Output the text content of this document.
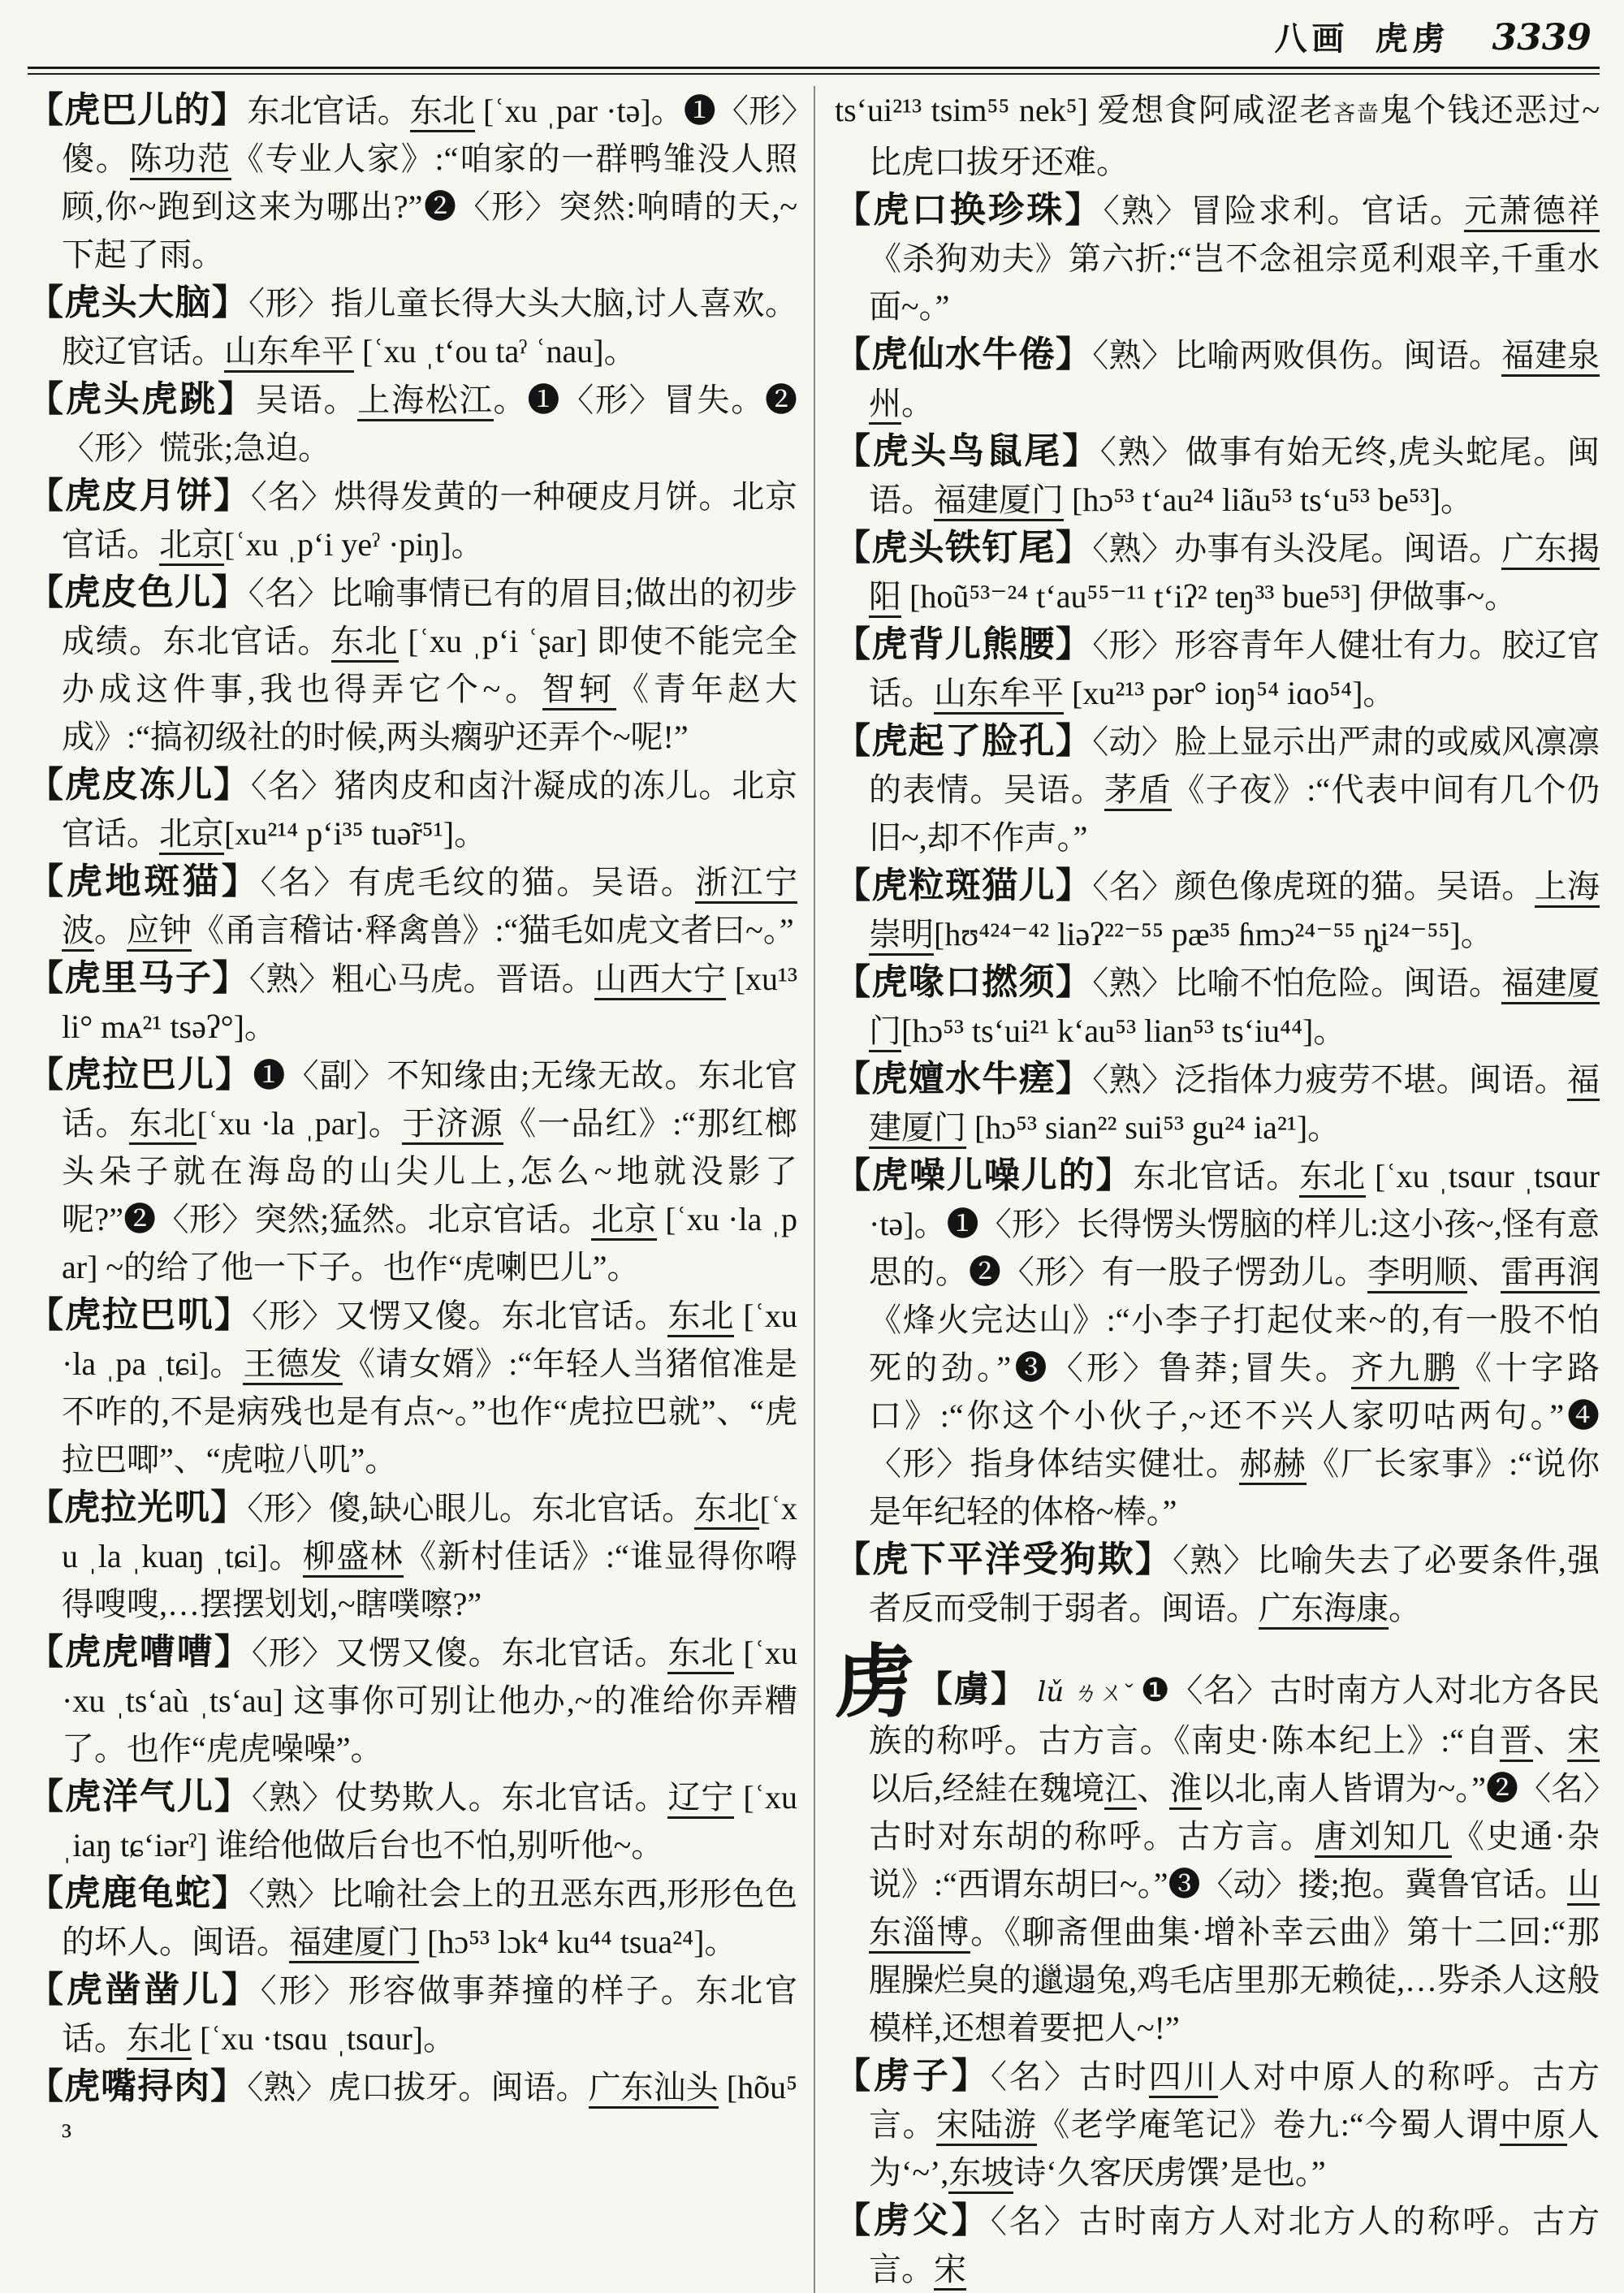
八画 虎虏 3339

【虎巴儿的】东北官话。东北 [ʿxu ˌpar ·tə]。❶〈形〉傻。陈功范《专业人家》:“咱家的一群鸭雏没人照顾,你~跑到这来为哪出?”❷〈形〉突然:响晴的天,~下起了雨。

【虎头大脑】〈形〉指儿童长得大头大脑,讨人喜欢。胶辽官话。山东牟平 [ʿxu ˌtʻou taˀ ʿnau]。

【虎头虎跳】吴语。上海松江。❶〈形〉冒失。❷〈形〉慌张;急迫。

【虎皮月饼】〈名〉烘得发黄的一种硬皮月饼。北京官话。北京[ʿxu ˌpʻi yeˀ ·piŋ]。

【虎皮色儿】〈名〉比喻事情已有的眉目;做出的初步成绩。东北官话。东北 [ʿxu ˌpʻi ʿʂar] 即使不能完全办成这件事,我也得弄它个~。智轲《青年赵大成》:“搞初级社的时候,两头瘸驴还弄个~呢!”

【虎皮冻儿】〈名〉猪肉皮和卤汁凝成的冻儿。北京官话。北京[xu²¹⁴ pʻi³⁵ tuə̃r⁵¹]。

【虎地斑猫】〈名〉有虎毛纹的猫。吴语。浙江宁波。应钟《甬言稽诂·释禽兽》:“猫毛如虎文者曰~。”

【虎里马子】〈熟〉粗心马虎。晋语。山西大宁 [xu¹³ li° mᴀ²¹ tsəʔ°]。

【虎拉巴儿】❶〈副〉不知缘由;无缘无故。东北官话。东北[ʿxu ·la ˌpar]。于济源《一品红》:“那红榔头朵子就在海岛的山尖儿上,怎么~地就没影了呢?”❷〈形〉突然;猛然。北京官话。北京 [ʿxu ·la ˌpar] ~的给了他一下子。也作“虎喇巴儿”。

【虎拉巴叽】〈形〉又愣又傻。东北官话。东北 [ʿxu ·la ˌpa ˌtɕi]。王德发《请女婿》:“年轻人当猪倌准是不咋的,不是病残也是有点~。”也作“虎拉巴就”、“虎拉巴唧”、“虎啦八叽”。

【虎拉光叽】〈形〉傻,缺心眼儿。东北官话。东北[ʿxu ˌla ˌkuaŋ ˌtɕi]。柳盛林《新村佳话》:“谁显得你嘚得嗖嗖,…摆摆划划,~瞎噗嚓?”

【虎虎嘈嘈】〈形〉又愣又傻。东北官话。东北 [ʿxu ·xu ˌtsʻaù ˌtsʻau] 这事你可别让他办,~的准给你弄糟了。也作“虎虎噪噪”。

【虎洋气儿】〈熟〉仗势欺人。东北官话。辽宁 [ʿxu ˌiaŋ tɕʻiərˀ] 谁给他做后台也不怕,别听他~。

【虎鹿龟蛇】〈熟〉比喻社会上的丑恶东西,形形色色的坏人。闽语。福建厦门 [hɔ⁵³ lɔk⁴ ku⁴⁴ tsua²⁴]。

【虎凿凿儿】〈形〉形容做事莽撞的样子。东北官话。东北 [ʿxu ·tsɑu ˌtsɑur]。

【虎嘴挦肉】〈熟〉虎口拔牙。闽语。广东汕头 [hõu⁵³

tsʻui²¹³ tsim⁵⁵ nek⁵] 爱想食阿咸涩老吝啬鬼个钱还恶过~比虎口拔牙还难。

【虎口换珍珠】〈熟〉冒险求利。官话。元萧德祥《杀狗劝夫》第六折:“岂不念祖宗觅利艰辛,千重水面~。”

【虎仙水牛倦】〈熟〉比喻两败俱伤。闽语。福建泉州。

【虎头鸟鼠尾】〈熟〉做事有始无终,虎头蛇尾。闽语。福建厦门 [hɔ⁵³ tʻau²⁴ liãu⁵³ tsʻu⁵³ be⁵³]。

【虎头铁钉尾】〈熟〉办事有头没尾。闽语。广东揭阳 [hoũ⁵³⁻²⁴ tʻau⁵⁵⁻¹¹ tʻiʔ² teŋ³³ bue⁵³] 伊做事~。

【虎背儿熊腰】〈形〉形容青年人健壮有力。胶辽官话。山东牟平 [xu²¹³ pər° ioŋ⁵⁴ iɑo⁵⁴]。

【虎起了脸孔】〈动〉脸上显示出严肃的或威风凛凛的表情。吴语。茅盾《子夜》:“代表中间有几个仍旧~,却不作声。”

【虎粒斑猫儿】〈名〉颜色像虎斑的猫。吴语。上海崇明[hʊ⁴²⁴⁻⁴² liəʔ²²⁻⁵⁵ pæ³⁵ ɦmɔ²⁴⁻⁵⁵ ȵi²⁴⁻⁵⁵]。

【虎喙口撚须】〈熟〉比喻不怕危险。闽语。福建厦门[hɔ⁵³ tsʻui²¹ kʻau⁵³ lian⁵³ tsʻiu⁴⁴]。

【虎嬗水牛瘥】〈熟〉泛指体力疲劳不堪。闽语。福建厦门 [hɔ⁵³ sian²² sui⁵³ gu²⁴ ia²¹]。

【虎噪儿噪儿的】东北官话。东北 [ʿxu ˌtsɑur ˌtsɑur ·tə]。❶〈形〉长得愣头愣脑的样儿:这小孩~,怪有意思的。❷〈形〉有一股子愣劲儿。李明顺、雷再润《烽火完达山》:“小李子打起仗来~的,有一股不怕死的劲。”❸〈形〉鲁莽;冒失。齐九鹏《十字路口》:“你这个小伙子,~还不兴人家叨咕两句。”❹〈形〉指身体结实健壮。郝赫《厂长家事》:“说你是年纪轻的体格~棒。”

【虎下平洋受狗欺】〈熟〉比喻失去了必要条件,强者反而受制于弱者。闽语。广东海康。

虏【虜】 lǔ ㄌㄨˇ ❶〈名〉古时南方人对北方各民族的称呼。古方言。《南史·陈本纪上》:“自晋、宋以后,经絓在魏境江、淮以北,南人皆谓为~。”❷〈名〉古时对东胡的称呼。古方言。唐刘知几《史通·杂说》:“西谓东胡曰~。”❸〈动〉搂;抱。冀鲁官话。山东淄博。《聊斋俚曲集·增补幸云曲》第十二回:“那腥臊烂臭的邋遢兔,鸡毛店里那无赖徒,…哛杀人这般模样,还想着要把人~!”

【虏子】〈名〉古时四川人对中原人的称呼。古方言。宋陆游《老学庵笔记》卷九:“今蜀人谓中原人为‘~’,东坡诗‘久客厌虏馔’是也。”

【虏父】〈名〉古时南方人对北方人的称呼。古方言。宋
